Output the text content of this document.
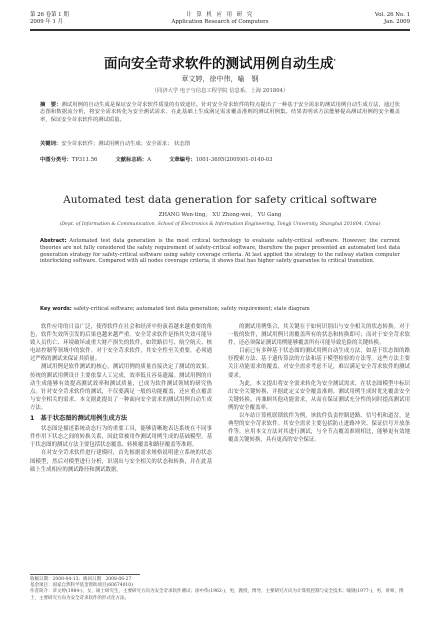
第 26 卷第 1 期
2009 年 1 月
计 算 机 应 用 研 究
Application Research of Computers
Vol. 26 No. 1
Jan. 2009
面向安全苛求软件的测试用例自动生成*
章文婷，徐中伟，喻　钢
（同济大学 电子与信息工程学院 信息系，上海 201804）
摘　要：测试用例的自动生成是保证安全苛求软件质量的有效途径。针对安全苛求软件的特点提出了一种基于安全需求的测试用例自动生成方法，通过状态图和数据流分析，将安全需求转化为安全测试需求，在此基础上生成满足需求覆盖准则的测试用例集。结果表明该方法能够提高测试用例的安全覆盖率，保证安全苛求软件的测试质量。
关键词：安全苛求软件；测试用例自动生成；安全需求； 状态图
中图分类号：TP311.56	文献标志码：A	文章编号：1001-3695(2009)01-0140-03
Automated test data generation for safety critical software
ZHANG Wen-ting， XU Zhong-wei， YU Gang
(Dept. of Information & Communication, School of Electronics & Information Engineering, Tongji University, Shanghai 201804, China)
Abstract: Automated test data generation is the most critical technology to evaluate safety-critical software. However, the current theories are not fully considered the safety requirement of safety-critical software, therefore the paper presented an automated test data generation strategy for safety-critical software using safety coverage criteria. At last applied the strategy to the railway station computer interlocking software. Compared with all nodes coverage criteria, it shows that has higher safety guarantee to critical transition.
Key words: safety-critical software; automated test data generation; safety requirement; state diagram

软件应用的日益广泛，使得软件在社会和经济中扮演着越来越重要的角色，软件失效所引发的后果也越来越严重。安全苛求软件是指其失效可能导致人员伤亡、环境破坏或重大财产损失的软件，如铁路信号、航空航天、核电站控制等领域中的软件。对于安全苛求软件，其安全性至关重要，必须通过严格的测试来保证其质量。

测试用例是软件测试的核心，测试用例的质量直接决定了测试的效果。传统的测试用例设计主要依靠人工完成，效率低且容易遗漏。测试用例的自动生成能够有效提高测试效率和测试质量，已成为软件测试领域的研究热点。针对安全苛求软件的测试，不仅要满足一般的功能覆盖，还应重点覆盖与安全相关的需求，本文据此提出了一种面向安全需求的测试用例自动生成方法。

1　基于状态图的测试用例生成方法

状态图是描述系统动态行为的重要工具，能够清晰地表达系统在不同事件作用下状态之间的转换关系，因此常被用作测试用例生成的基础模型。基于状态图的测试方法主要包括状态覆盖、转换覆盖和路径覆盖等准则。

在对安全苛求软件进行建模时，首先根据需求规格说明建立系统的状态图模型，然后对模型进行分析，识别出与安全相关的状态和转换，并在此基础上生成相应的测试路径和测试数据。

的测试用例集合，其关键在于如何识别出与安全相关的状态转换。对于一般的软件，测试用例只需覆盖所有的状态和转换即可；而对于安全苛求软件，还必须保证测试用例能够覆盖所有可能导致危险的关键转换。

目前已有多种基于状态图的测试用例自动生成方法，如基于状态图的路径搜索方法、基于遗传算法的方法和基于模型检验的方法等。这些方法主要关注功能需求的覆盖，对安全需求考虑不足，难以满足安全苛求软件的测试要求。

为此，本文提出将安全需求转化为安全测试需求，在状态图模型中标识出安全关键转换，并据此定义安全覆盖准则。测试用例生成时优先覆盖安全关键转换，再兼顾其他功能需求，从而在保证测试充分性的同时提高测试用例的安全覆盖率。

以车站计算机联锁软件为例，该软件负责控制进路、信号机和道岔，是典型的安全苛求软件。其安全需求主要包括防止进路冲突、保证信号开放条件等。应用本文方法对其进行测试，与全节点覆盖准则相比，能够更有效地覆盖关键转换，具有更高的安全保证。

收稿日期：2008-04-13；修回日期：2008-06-27
基金项目：国家自然科学基金资助项目(60674010)
作者简介：章文婷(1984-)，女，硕士研究生，主要研究方向为安全苛求软件测试；徐中伟(1962-)，男，教授，博导，主要研究方向为计算机控制与安全技术；喻钢(1977-)，男，讲师，博士，主要研究方向为安全苛求软件的形式化方法。
